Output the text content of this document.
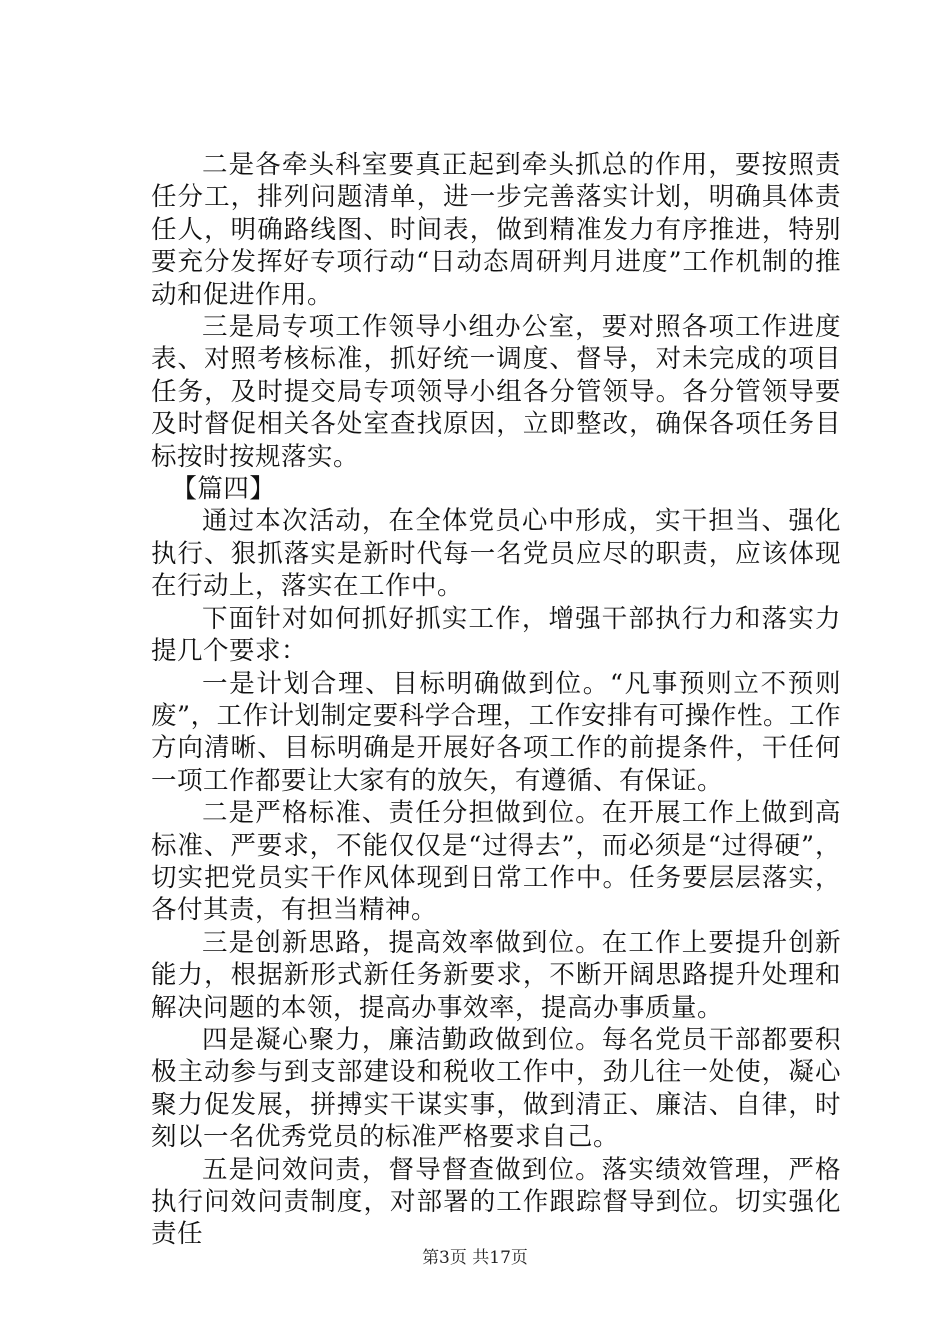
二是各牵头科室要真正起到牵头抓总的作用，要按照责任分工，排列问题清单，进一步完善落实计划，明确具体责任人，明确路线图、时间表，做到精准发力有序推进，特别要充分发挥好专项行动“日动态周研判月进度”工作机制的推动和促进作用。

三是局专项工作领导小组办公室，要对照各项工作进度表、对照考核标准，抓好统一调度、督导，对未完成的项目任务，及时提交局专项领导小组各分管领导。各分管领导要及时督促相关各处室查找原因，立即整改，确保各项任务目标按时按规落实。

【篇四】

通过本次活动，在全体党员心中形成，实干担当、强化执行、狠抓落实是新时代每一名党员应尽的职责，应该体现在行动上，落实在工作中。

下面针对如何抓好抓实工作，增强干部执行力和落实力提几个要求：

一是计划合理、目标明确做到位。“凡事预则立不预则废”，工作计划制定要科学合理，工作安排有可操作性。工作方向清晰、目标明确是开展好各项工作的前提条件，干任何一项工作都要让大家有的放矢，有遵循、有保证。

二是严格标准、责任分担做到位。在开展工作上做到高标准、严要求，不能仅仅是“过得去”，而必须是“过得硬”，切实把党员实干作风体现到日常工作中。任务要层层落实，各付其责，有担当精神。

三是创新思路，提高效率做到位。在工作上要提升创新能力，根据新形式新任务新要求，不断开阔思路提升处理和解决问题的本领，提高办事效率，提高办事质量。

四是凝心聚力，廉洁勤政做到位。每名党员干部都要积极主动参与到支部建设和税收工作中，劲儿往一处使，凝心聚力促发展，拼搏实干谋实事，做到清正、廉洁、自律，时刻以一名优秀党员的标准严格要求自己。

五是问效问责，督导督查做到位。落实绩效管理，严格执行问效问责制度，对部署的工作跟踪督导到位。切实强化责任

第3页 共17页
